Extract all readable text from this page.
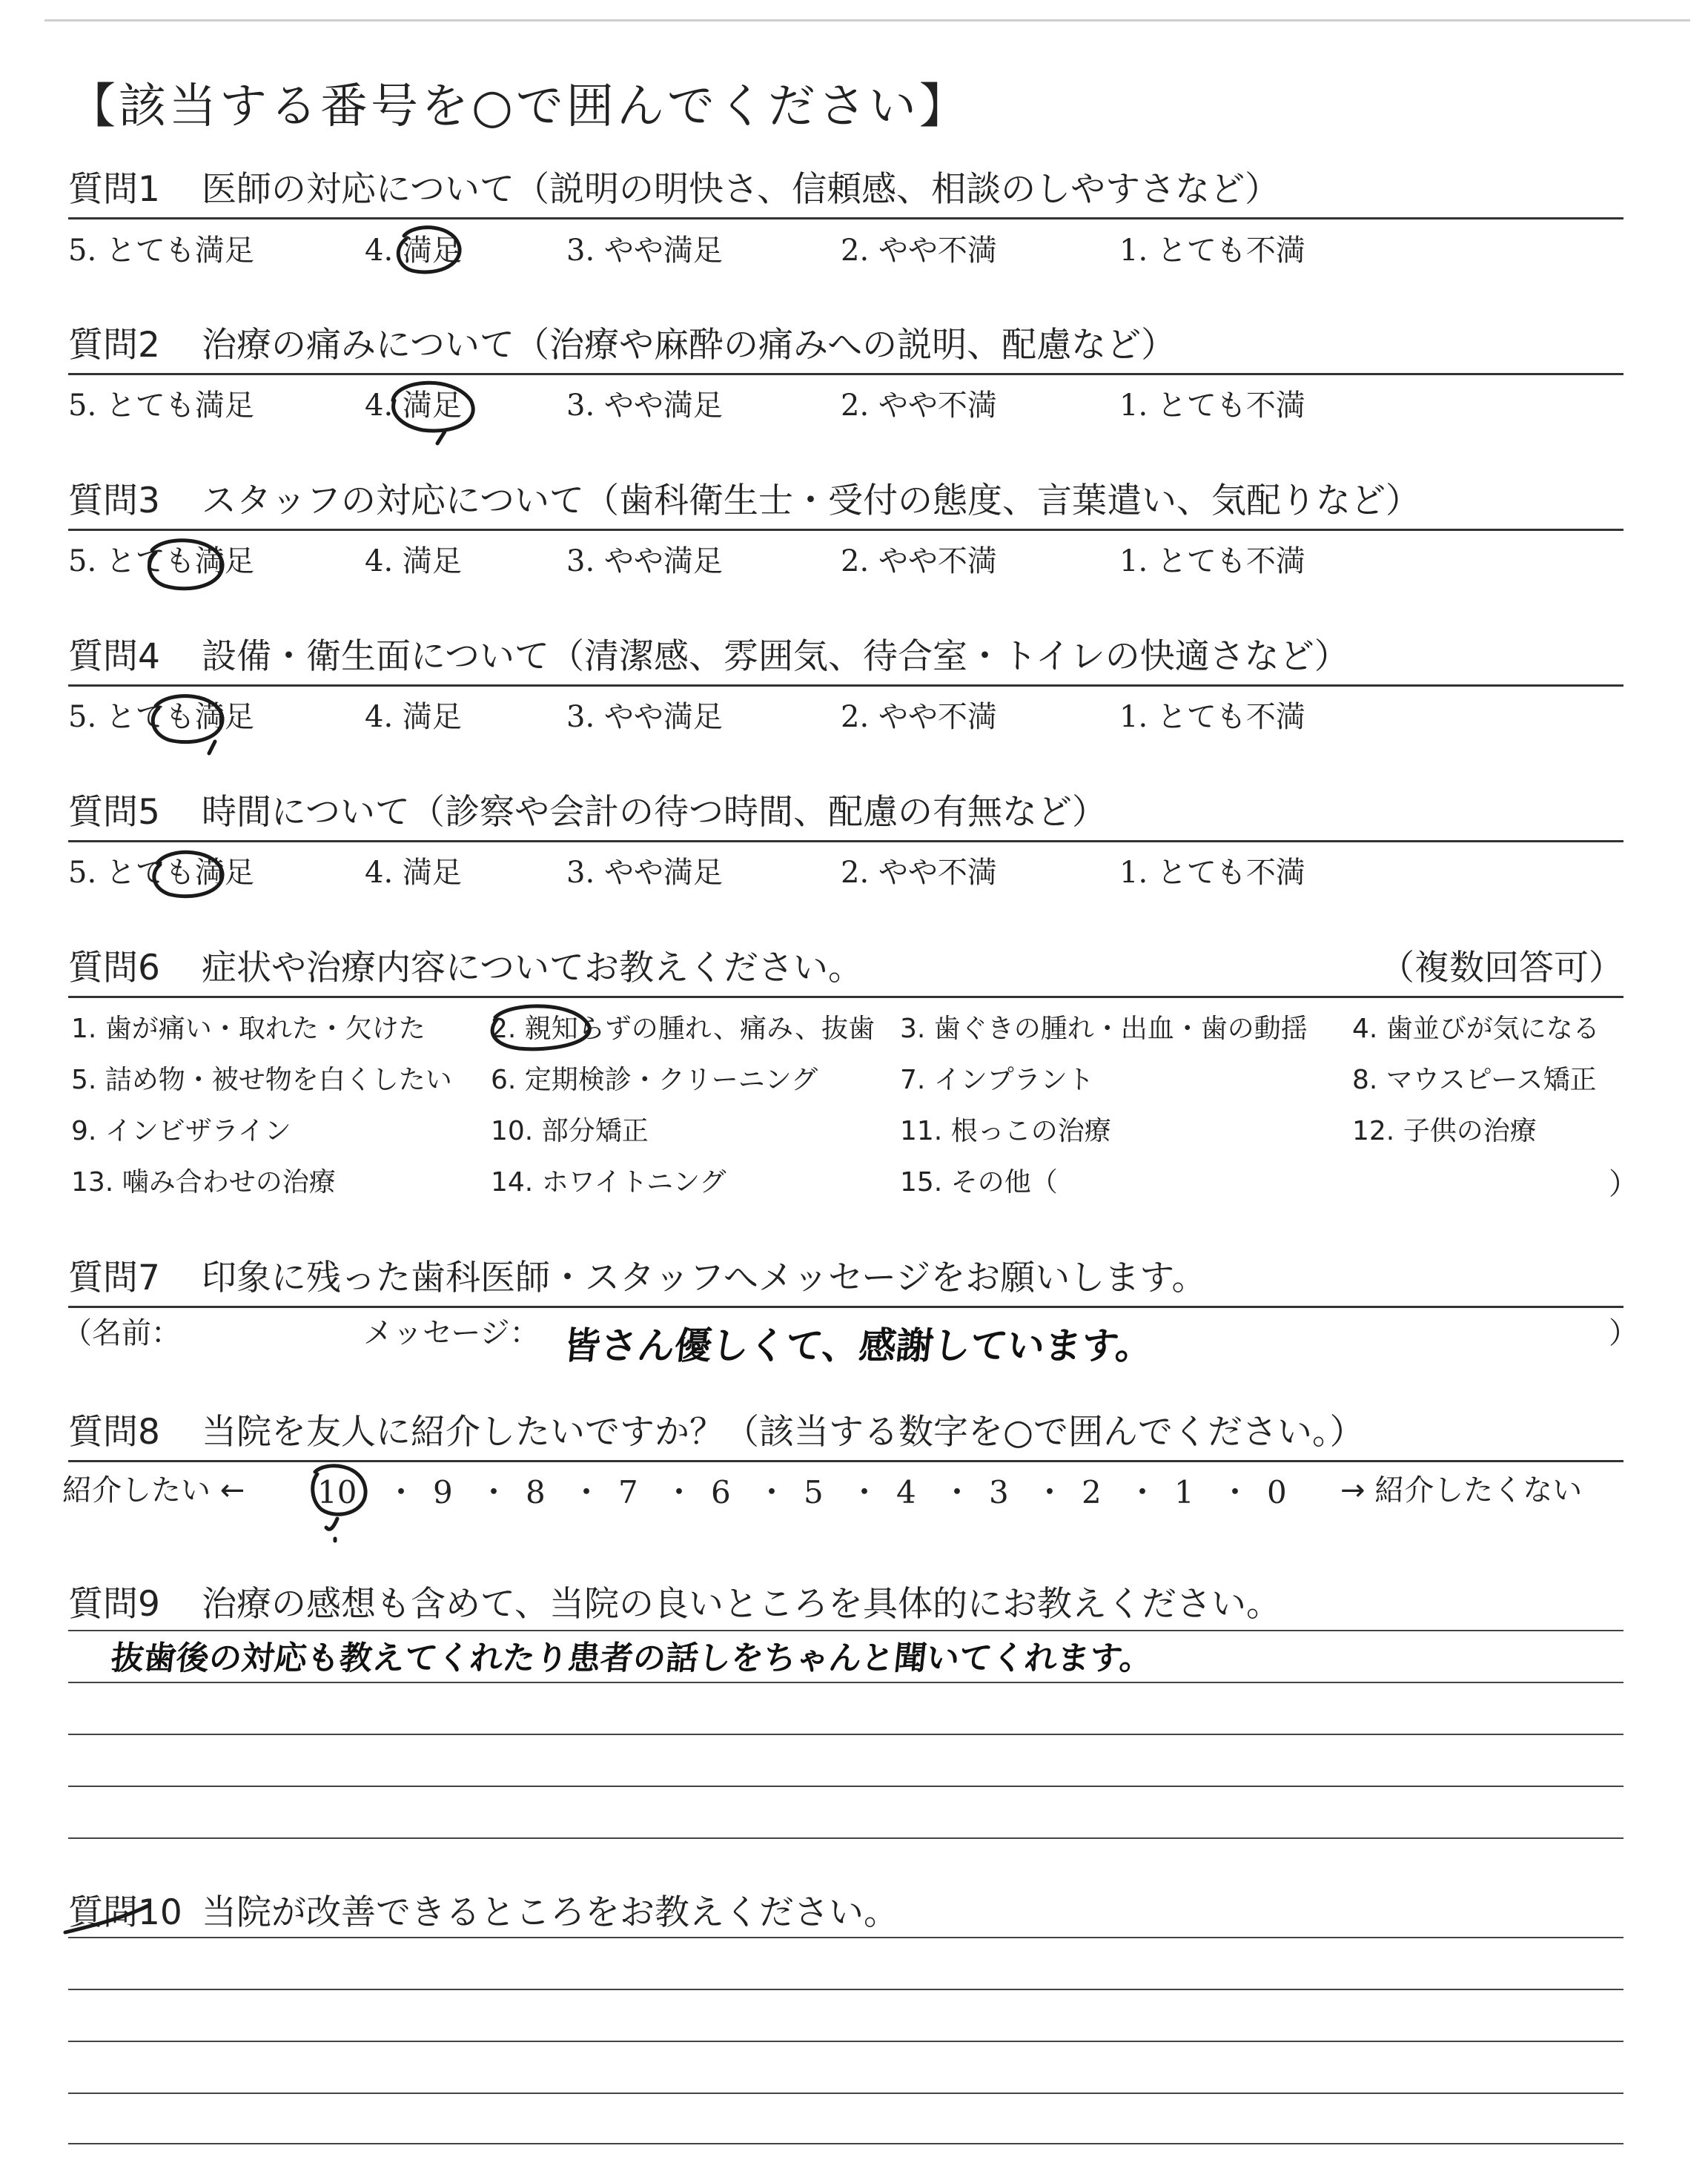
【該当する番号を○で囲んでください】
質問1 医師の対応について（説明の明快さ、信頼感、相談のしやすさなど）
5. とても満足	4. 満足	3. やや満足	2. やや不満	1. とても不満
質問2 治療の痛みについて（治療や麻酔の痛みへの説明、配慮など）
5. とても満足	4. 満足	3. やや満足	2. やや不満	1. とても不満
質問3 スタッフの対応について（歯科衛生士・受付の態度、言葉遣い、気配りなど）
5. とても満足	4. 満足	3. やや満足	2. やや不満	1. とても不満
質問4 設備・衛生面について（清潔感、雰囲気、待合室・トイレの快適さなど）
5. とても満足	4. 満足	3. やや満足	2. やや不満	1. とても不満
質問5 時間について（診察や会計の待つ時間、配慮の有無など）
5. とても満足	4. 満足	3. やや満足	2. やや不満	1. とても不満
質問6 症状や治療内容についてお教えください。	（複数回答可）
1. 歯が痛い・取れた・欠けた 2. 親知らずの腫れ、痛み、抜歯 3. 歯ぐきの腫れ・出血・歯の動揺 4. 歯並びが気になる
5. 詰め物・被せ物を白くしたい 6. 定期検診・クリーニング	7. インプラント	8. マウスピース矯正
9. インビザライン	10. 部分矯正	11. 根っこの治療	12. 子供の治療
13. 噛み合わせの治療	14. ホワイトニング	15. その他（	）
質問7 印象に残った歯科医師・スタッフへメッセージをお願いします。
（名前：	メッセージ： 皆さん優しくて、感謝しています。	）
質問8 当院を友人に紹介したいですか？（該当する数字を○で囲んでください。）
紹介したい ←	→ 紹介したくない
10 ・ 9 ・ 8 ・ 7 ・ 6 ・ 5 ・ 4 ・ 3 ・ 2 ・ 1 ・ 0
質問9 治療の感想も含めて、当院の良いところを具体的にお教えください。
抜歯後の対応も教えてくれたり患者の話しをちゃんと聞いてくれます。
質問10 当院が改善できるところをお教えください。
